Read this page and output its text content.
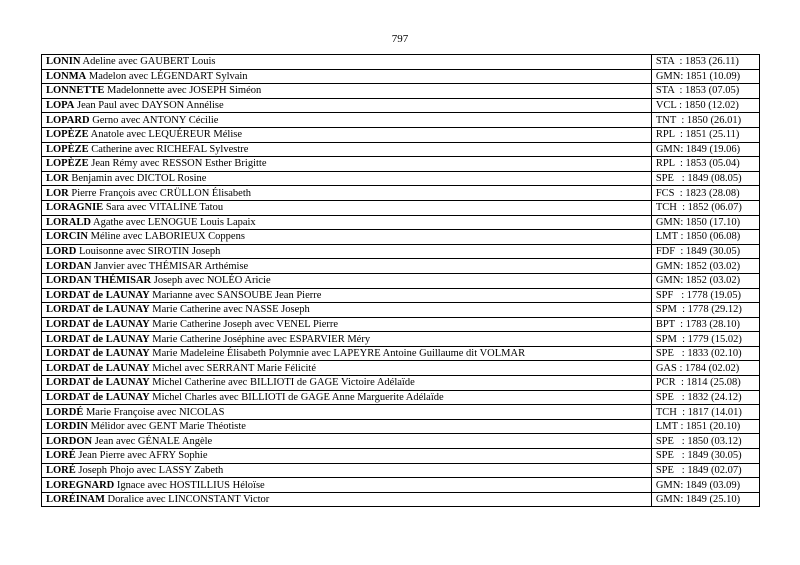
797
LONIN Adeline avec GAUBERT Louis	STA  : 1853 (26.11)
LONMA Madelon avec LÉGENDART Sylvain	GMN: 1851 (10.09)
LONNETTE Madelonnette avec JOSEPH Siméon	STA  : 1853 (07.05)
LOPA Jean Paul avec DAYSON Annélise	VCL : 1850 (12.02)
LOPARD Gerno avec ANTONY Cécilie	TNT  : 1850 (26.01)
LOPÈZE Anatole avec LEQUÉREUR Mélise	RPL  : 1851 (25.11)
LOPÈZE Catherine avec RICHEFAL Sylvestre	GMN: 1849 (19.06)
LOPÈZE Jean Rémy avec RESSON Esther Brigitte	RPL  : 1853 (05.04)
LOR Benjamin avec DICTOL Rosine	SPE   : 1849 (08.05)
LOR Pierre François avec CRÜLLON Élisabeth	FCS  : 1823 (28.08)
LORAGNIE Sara avec VITALINE Tatou	TCH  : 1852 (06.07)
LORALD Agathe avec LENOGUE Louis Lapaix	GMN: 1850 (17.10)
LORCIN Méline avec LABORIEUX Coppens	LMT : 1850 (06.08)
LORD Louisonne avec SIROTIN Joseph	FDF  : 1849 (30.05)
LORDAN Janvier avec THÉMISAR Arthémise	GMN: 1852 (03.02)
LORDAN THÉMISAR Joseph avec NOLÉO Aricie	GMN: 1852 (03.02)
LORDAT de LAUNAY Marianne avec SANSOUBE Jean Pierre	SPF   : 1778 (19.05)
LORDAT de LAUNAY Marie Catherine avec NASSE Joseph	SPM  : 1778 (29.12)
LORDAT de LAUNAY Marie Catherine Joseph avec VENEL Pierre	BPT  : 1783 (28.10)
LORDAT de LAUNAY Marie Catherine Joséphine avec ESPARVIER Méry	SPM  : 1779 (15.02)
LORDAT de LAUNAY Marie Madeleine Élisabeth Polymnie avec LAPEYRE Antoine Guillaume dit VOLMAR	SPE   : 1833 (02.10)
LORDAT de LAUNAY Michel avec SERRANT Marie Félicité	GAS : 1784 (02.02)
LORDAT de LAUNAY Michel Catherine avec BILLIOTI de GAGE Victoire Adélaïde	PCR  : 1814 (25.08)
LORDAT de LAUNAY Michel Charles avec BILLIOTI de GAGE Anne Marguerite Adélaïde	SPE   : 1832 (24.12)
LORDÉ Marie Françoise avec NICOLAS	TCH  : 1817 (14.01)
LORDIN Mélidor avec GENT Marie Théotiste	LMT : 1851 (20.10)
LORDON Jean avec GÉNALE Angèle	SPE   : 1850 (03.12)
LORÉ Jean Pierre avec AFRY Sophie	SPE   : 1849 (30.05)
LORÉ Joseph Phojo avec LASSY Zabeth	SPE   : 1849 (02.07)
LOREGNARD Ignace avec HOSTILLIUS Héloïse	GMN: 1849 (03.09)
LORÉINAM Doralice avec LINCONSTANT Victor	GMN: 1849 (25.10)
